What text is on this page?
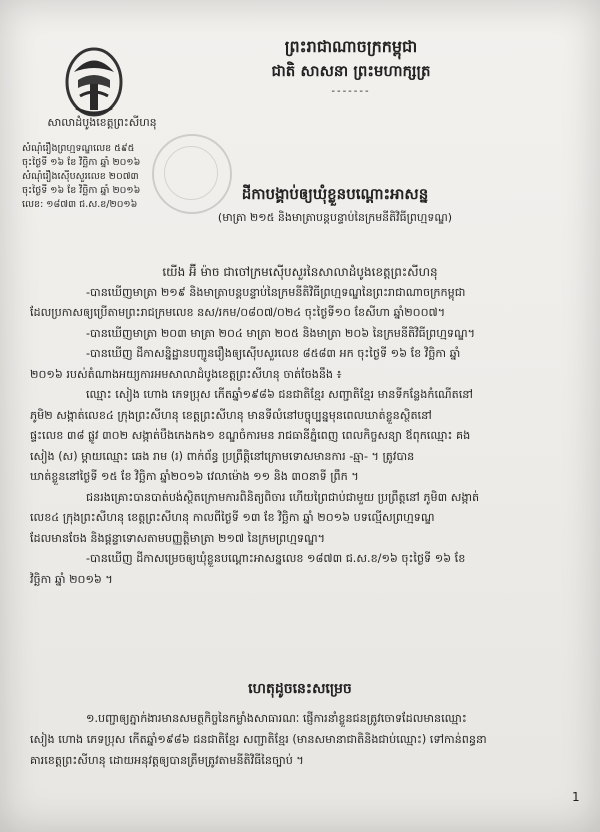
សាលាដំបូងខេត្តព្រះសីហនុ
សំណុំរឿងព្រហ្មទណ្ឌលេខ ៥៩៥
ចុះថ្ងៃទី ១៦ ខែ វិច្ឆិកា ឆ្នាំ ២០១៦
សំណុំរឿងស៊ើបសួរលេខ ២០៧៣
ចុះថ្ងៃទី ១៦ ខែ វិច្ឆិកា ឆ្នាំ ២០១៦
លេខ: ១៨៧៣ ជ.ស.ខ/២០១៦
ព្រះរាជាណាចក្រកម្ពុជា
ជាតិ សាសនា ព្រះមហាក្សត្រ
-------
ដីកាបង្គាប់ឲ្យឃុំខ្លួនបណ្ដោះអាសន្ន
(មាត្រា ២១៥ និងមាត្រាបន្តបន្ទាប់នៃក្រមនីតិវិធីព្រហ្មទណ្ឌ)

យើង អ៊ី ម៉ាច ជាចៅក្រមស៊ើបសួរនៃសាលាដំបូងខេត្តព្រះសីហនុ

-បានឃើញមាត្រា ២១៩ និងមាត្រាបន្តបន្ទាប់នៃក្រមនីតិវិធីព្រហ្មទណ្ឌនៃព្រះរាជាណាចក្រកម្ពុជា

ដែលប្រកាសឲ្យប្រើតាមព្រះរាជក្រមលេខ នស/រកម/០៨០៧/០២៤ ចុះថ្ងៃទី១០ ខែសីហា ឆ្នាំ២០០៧។

-បានឃើញមាត្រា ២០៣ មាត្រា ២០៤ មាត្រា ២០៥ និងមាត្រា ២០៦ នៃក្រមនីតិវិធីព្រហ្មទណ្ឌ។

-បានឃើញ ដីកាសន្និដ្ឋានបញ្ជូនរឿងឲ្យស៊ើបសួរលេខ ៨៥៨៣ អក ចុះថ្ងៃទី ១៦ ខែ វិច្ឆិកា ឆ្នាំ

២០១៦ របស់តំណាងអយ្យការអមសាលាដំបូងខេត្តព្រះសីហនុ ចាត់ចែងនឹង ៖

ឈ្មោះ សៀង ហោង ភេទប្រុស កើតឆ្នាំ១៩៨៦ ជនជាតិខ្មែរ សញ្ជាតិខ្មែរ មានទីកន្លែងកំណើតនៅ

ភូមិ២ សង្កាត់លេខ៤ ក្រុងព្រះសីហនុ ខេត្តព្រះសីហនុ មានទីលំនៅបច្ចុប្បន្នមុនពេលឃាត់ខ្លួនស្ថិតនៅ

ផ្ទះលេខ ៣៨ ផ្លូវ ៣០២ សង្កាត់បឹងកេងកង១ ខណ្ឌចំការមន រាជធានីភ្នំពេញ ពេលកិច្ចសន្យា ឪពុកឈ្មោះ គង

សៀង (ស) ម្ដាយឈ្មោះ ឆេង រាម (រ) ពាក់ព័ន្ធ ប្រព្រឹត្តិនៅក្រោមទោសមានការ -ឆ្មា- ។ ត្រូវបាន

ឃាត់ខ្លួននៅថ្ងៃទី ១៥ ខែ វិច្ឆិកា ឆ្នាំ២០១៦ វេលាម៉ោង ១១ និង ៣០នាទី ព្រឹក ។

ជនរងគ្រោះបានបាត់បង់ស្ថិតក្រោមការពិនិត្យពិចារ ហើយព្រៃជាប់ជាមួយ ប្រព្រឹត្តនៅ ភូមិ៣ សង្កាត់

លេខ៤ ក្រុងព្រះសីហនុ ខេត្តព្រះសីហនុ កាលពីថ្ងៃទី ១៣ ខែ វិច្ឆិកា ឆ្នាំ ២០១៦ បទល្មើសព្រហ្មទណ្ឌ

ដែលមានចែង និងផ្ដន្ទាទោសតាមបញ្ញត្តិមាត្រា ២១៧ នៃក្រមព្រហ្មទណ្ឌ។

-បានឃើញ ដីកាសម្រេចឲ្យឃុំខ្លួនបណ្ដោះអាសន្នលេខ ១៨៧៣ ជ.ស.ខ/១៦ ចុះថ្ងៃទី ១៦ ខែ

វិច្ឆិកា ឆ្នាំ ២០១៦ ។

ហេតុដូចនេះសម្រេច

១.បញ្ជាឲ្យភ្នាក់ងារមានសមត្ថកិច្ចនៃកម្លាំងសាធារណៈ ផ្ញើការនាំខ្លួនជនត្រូវចោទដែលមានឈ្មោះ

សៀង ហោង ភេទប្រុស កើតឆ្នាំ១៩៨៦ ជនជាតិខ្មែរ សញ្ជាតិខ្មែរ (មានសមានាជាតិនិងជាប់ឈ្មោះ) ទៅកាន់ពន្ធនា

គារខេត្តព្រះសីហនុ ដោយអនុវត្តឲ្យបានត្រឹមត្រូវតាមនីតិវិធីនៃច្បាប់ ។

1
